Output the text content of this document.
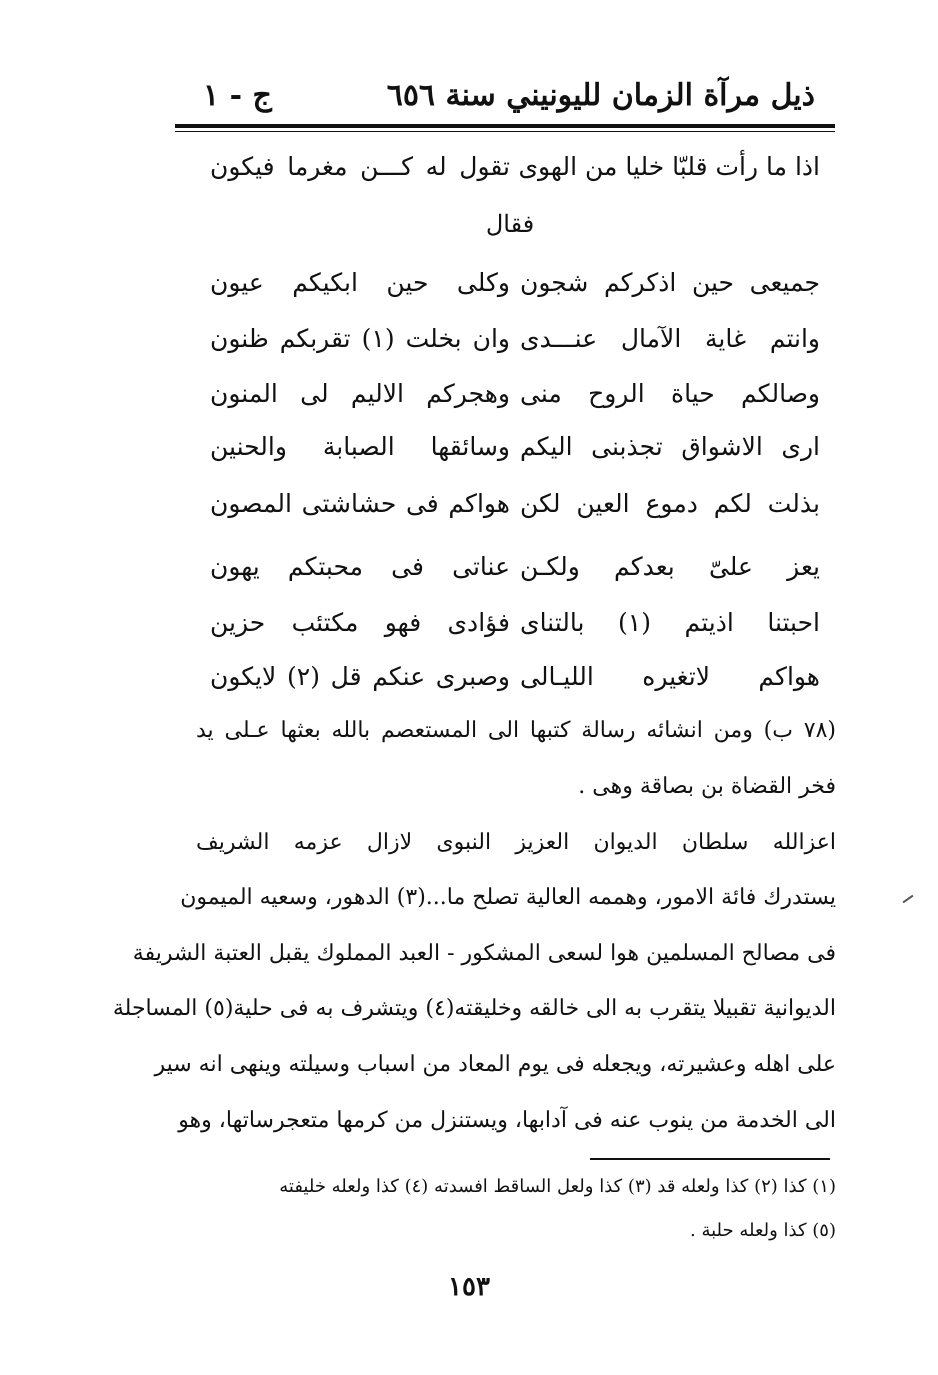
ذيل مرآة الزمان لليونيني سنة ٦٥٦
ج - ١
اذا ما رأت قلبّا خليا من الهوى
تقول له كـــن مغرما فيكون
فقال
جميعى حين اذكركم شجون
وكلى حين ابكيكم عيون
وانتم غاية الآمال عنـــدى
وان بخلت (١) تقربكم ظنون
وصالكم حياة الروح منى
وهجركم الاليم لى المنون
ارى الاشواق تجذبنى اليكم
وسائقها الصبابة والحنين
بذلت لكم دموع العين لكن
هواكم فى حشاشتى المصون
يعز علىّ بعدكم ولكـن
عناتى فى محبتكم يهون
احبتنا اذيتم (١) بالتناى
فؤادى فهو مكتئب حزين
هواكم لاتغيره الليـالى
وصبرى عنكم قل (٢) لايكون
(٧٨ ب) ومن انشائه رسالة كتبها الى المستعصم بالله بعثها عـلى يد
فخر القضاة بن بصاقة وهى .
اعزالله سلطان الديوان العزيز النبوى لازال عزمه الشريف
يستدرك فائة الامور، وهممه العالية تصلح ما...(٣) الدهور، وسعيه الميمون
فى مصالح المسلمين هوا لسعى المشكور - العبد المملوك يقبل العتبة الشريفة
الديوانية تقبيلا يتقرب به الى خالقه وخليقته(٤) ويتشرف به فى حلية(٥) المساجلة
على اهله وعشيرته، ويجعله فى يوم المعاد من اسباب وسيلته وينهى انه سير
الى الخدمة من ينوب عنه فى آدابها، ويستنزل من كرمها متعجرساتها، وهو
(١) كذا (٢) كذا ولعله قد (٣) كذا ولعل الساقط افسدته (٤) كذا ولعله خليفته
(٥) كذا ولعله حلبة .
١٥٣
